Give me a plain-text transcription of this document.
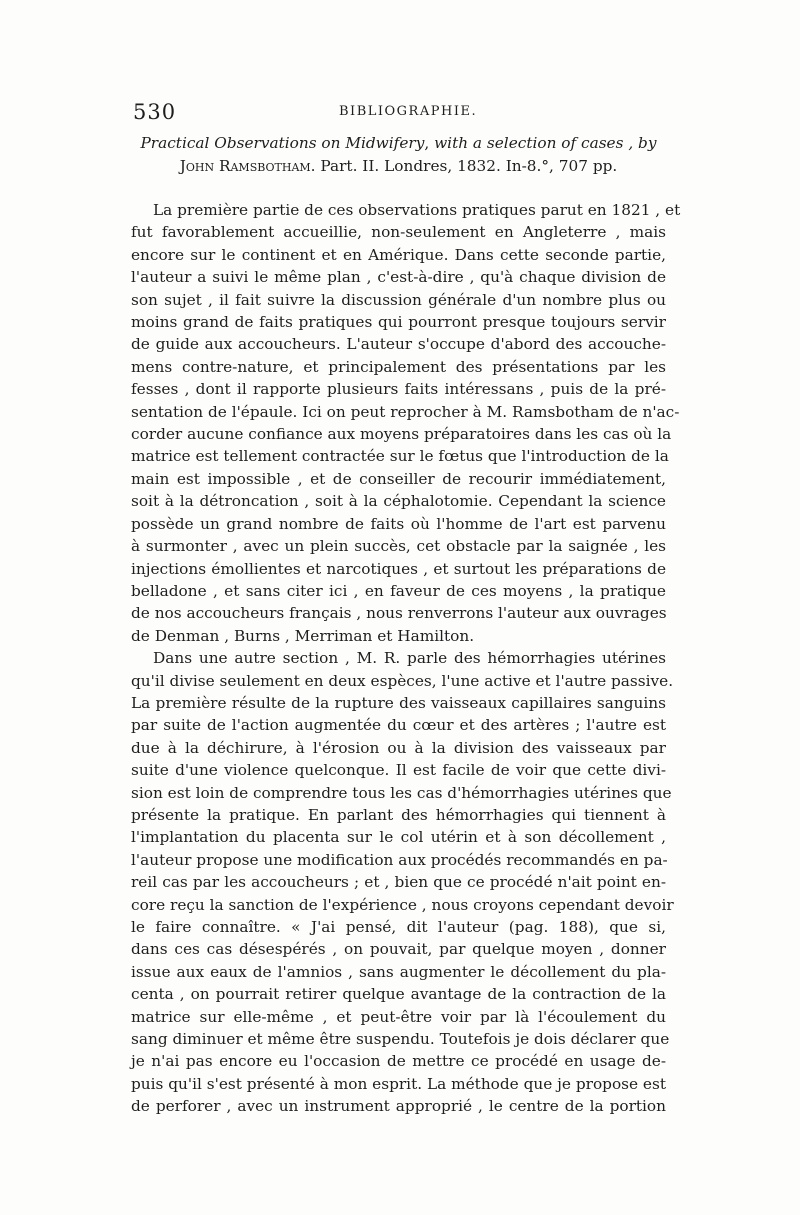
530	BIBLIOGRAPHIE.

Practical Observations on Midwifery, with a selection of cases , by
John Ramsbotham. Part. II. Londres, 1832. In-8.°, 707 pp.

La première partie de ces observations pratiques parut en 1821 , et
fut favorablement accueillie, non-seulement en Angleterre , mais
encore sur le continent et en Amérique. Dans cette seconde partie,
l'auteur a suivi le même plan , c'est-à-dire , qu'à chaque division de
son sujet , il fait suivre la discussion générale d'un nombre plus ou
moins grand de faits pratiques qui pourront presque toujours servir
de guide aux accoucheurs. L'auteur s'occupe d'abord des accouche-
mens contre-nature, et principalement des présentations par les
fesses , dont il rapporte plusieurs faits intéressans , puis de la pré-
sentation de l'épaule. Ici on peut reprocher à M. Ramsbotham de n'ac-
corder aucune confiance aux moyens préparatoires dans les cas où la
matrice est tellement contractée sur le fœtus que l'introduction de la
main est impossible , et de conseiller de recourir immédiatement,
soit à la détroncation , soit à la céphalotomie. Cependant la science
possède un grand nombre de faits où l'homme de l'art est parvenu
à surmonter , avec un plein succès, cet obstacle par la saignée , les
injections émollientes et narcotiques , et surtout les préparations de
belladone , et sans citer ici , en faveur de ces moyens , la pratique
de nos accoucheurs français , nous renverrons l'auteur aux ouvrages
de Denman , Burns , Merriman et Hamilton.

Dans une autre section , M. R. parle des hémorrhagies utérines
qu'il divise seulement en deux espèces, l'une active et l'autre passive.
La première résulte de la rupture des vaisseaux capillaires sanguins
par suite de l'action augmentée du cœur et des artères ; l'autre est
due à la déchirure, à l'érosion ou à la division des vaisseaux par
suite d'une violence quelconque. Il est facile de voir que cette divi-
sion est loin de comprendre tous les cas d'hémorrhagies utérines que
présente la pratique. En parlant des hémorrhagies qui tiennent à
l'implantation du placenta sur le col utérin et à son décollement ,
l'auteur propose une modification aux procédés recommandés en pa-
reil cas par les accoucheurs ; et , bien que ce procédé n'ait point en-
core reçu la sanction de l'expérience , nous croyons cependant devoir
le faire connaître. « J'ai pensé, dit l'auteur (pag. 188), que si,
dans ces cas désespérés , on pouvait, par quelque moyen , donner
issue aux eaux de l'amnios , sans augmenter le décollement du pla-
centa , on pourrait retirer quelque avantage de la contraction de la
matrice sur elle-même , et peut-être voir par là l'écoulement du
sang diminuer et même être suspendu. Toutefois je dois déclarer que
je n'ai pas encore eu l'occasion de mettre ce procédé en usage de-
puis qu'il s'est présenté à mon esprit. La méthode que je propose est
de perforer , avec un instrument approprié , le centre de la portion
